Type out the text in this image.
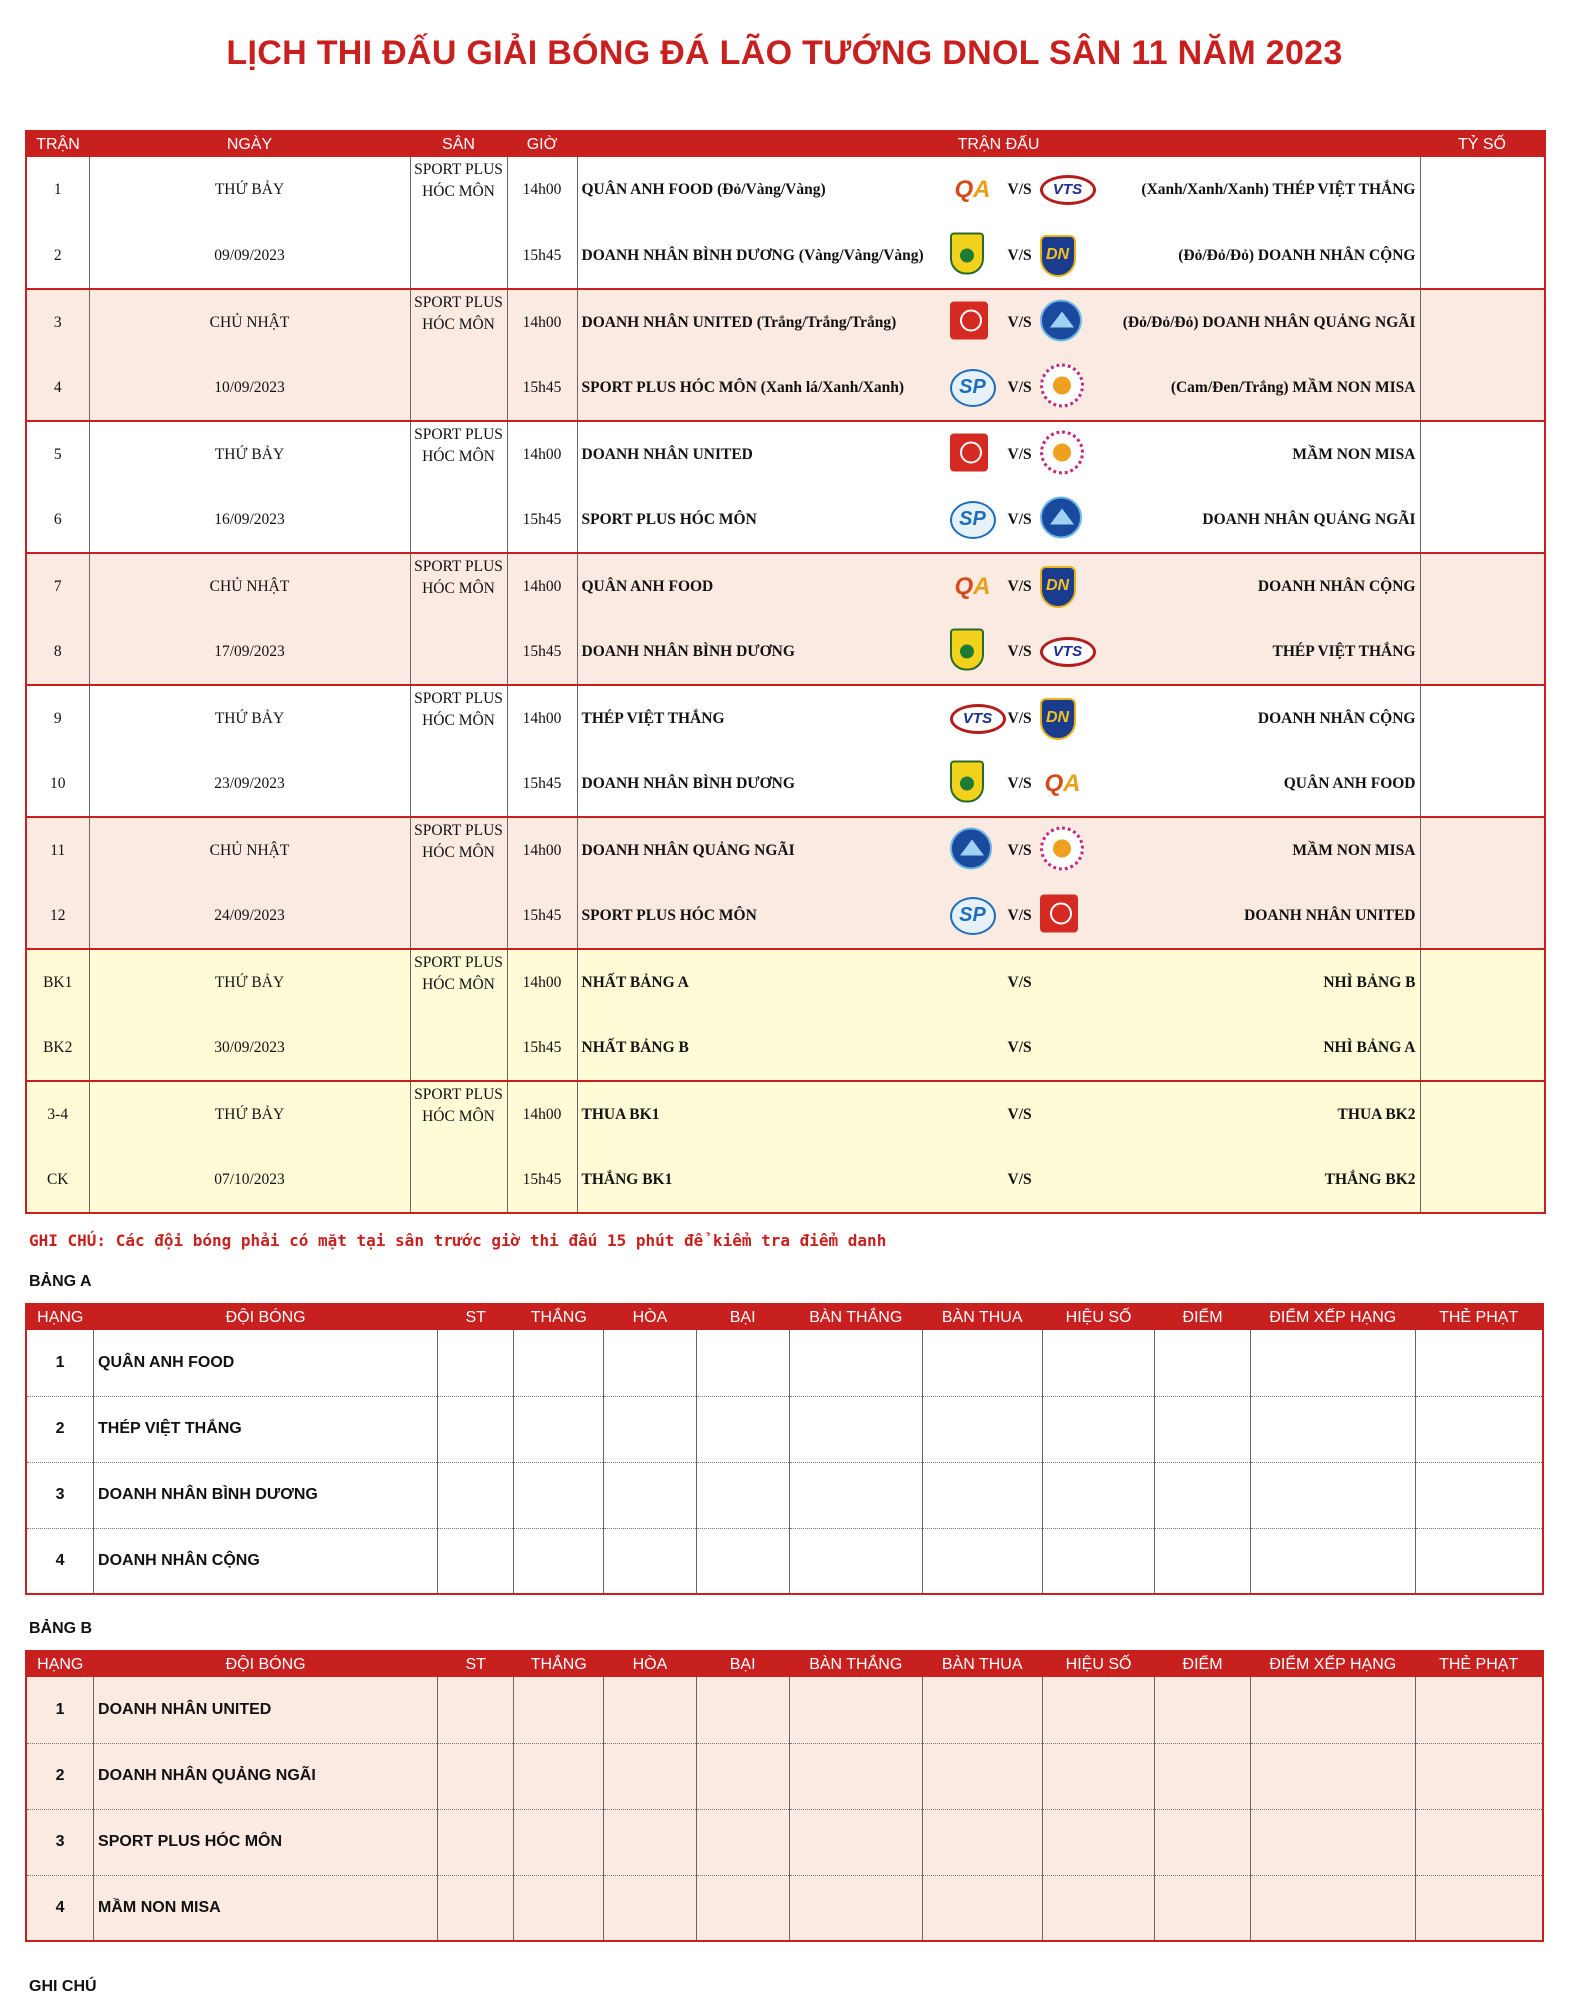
LỊCH THI ĐẤU GIẢI BÓNG ĐÁ LÃO TƯỚNG DNOL SÂN 11 NĂM 2023
TRẬN	NGÀY	SÂN	GIỜ	TRẬN ĐẤU	TỶ SỐ
1	THỨ BẢY	SPORT PLUS HÓC MÔN	14h00	QUÂN ANH FOOD (Đỏ/Vàng/Vàng) QA V/S VTS (Xanh/Xanh/Xanh) THÉP VIỆT THẮNG	

2	09/09/2023		15h45	DOANH NHÂN BÌNH DƯƠNG (Vàng/Vàng/Vàng) V/S DN (Đỏ/Đỏ/Đỏ) DOANH NHÂN CỘNG	

3	CHỦ NHẬT	SPORT PLUS HÓC MÔN	14h00	DOANH NHÂN UNITED (Trắng/Trắng/Trắng) V/S (Đỏ/Đỏ/Đỏ) DOANH NHÂN QUẢNG NGÃI	

4	10/09/2023		15h45	SPORT PLUS HÓC MÔN (Xanh lá/Xanh/Xanh) SP V/S (Cam/Đen/Trắng) MẦM NON MISA	

5	THỨ BẢY	SPORT PLUS HÓC MÔN	14h00	DOANH NHÂN UNITED V/S MẦM NON MISA	

6	16/09/2023		15h45	SPORT PLUS HÓC MÔN SP V/S DOANH NHÂN QUẢNG NGÃI	

7	CHỦ NHẬT	SPORT PLUS HÓC MÔN	14h00	QUÂN ANH FOOD QA V/S DN DOANH NHÂN CỘNG	

8	17/09/2023		15h45	DOANH NHÂN BÌNH DƯƠNG V/S VTS THÉP VIỆT THẮNG	

9	THỨ BẢY	SPORT PLUS HÓC MÔN	14h00	THÉP VIỆT THẮNG VTS V/S DN DOANH NHÂN CỘNG	

10	23/09/2023		15h45	DOANH NHÂN BÌNH DƯƠNG V/S QA QUÂN ANH FOOD	

11	CHỦ NHẬT	SPORT PLUS HÓC MÔN	14h00	DOANH NHÂN QUẢNG NGÃI V/S MẦM NON MISA	

12	24/09/2023		15h45	SPORT PLUS HÓC MÔN SP V/S DOANH NHÂN UNITED	

BK1	THỨ BẢY	SPORT PLUS HÓC MÔN	14h00	NHẤT BẢNG A V/S NHÌ BẢNG B	

BK2	30/09/2023		15h45	NHẤT BẢNG B V/S NHÌ BẢNG A	

3-4	THỨ BẢY	SPORT PLUS HÓC MÔN	14h00	THUA BK1 V/S THUA BK2	

CK	07/10/2023		15h45	THẮNG BK1 V/S THẮNG BK2	

GHI CHÚ: Các đội bóng phải có mặt tại sân trước giờ thi đấu 15 phút để kiểm tra điểm danh
BẢNG A
HẠNG	ĐỘI BÓNG	ST	THẮNG	HÒA	BẠI	BÀN THẮNG	BÀN THUA	HIỆU SỐ	ĐIỂM	ĐIỂM XẾP HẠNG	THẺ PHẠT
1	QUÂN ANH FOOD										
2	THÉP VIỆT THẮNG										
3	DOANH NHÂN BÌNH DƯƠNG										
4	DOANH NHÂN CỘNG										
BẢNG B
HẠNG	ĐỘI BÓNG	ST	THẮNG	HÒA	BẠI	BÀN THẮNG	BÀN THUA	HIỆU SỐ	ĐIỂM	ĐIỂM XẾP HẠNG	THẺ PHẠT
1	DOANH NHÂN UNITED										
2	DOANH NHÂN QUẢNG NGÃI										
3	SPORT PLUS HÓC MÔN										
4	MẦM NON MISA										
GHI CHÚ
